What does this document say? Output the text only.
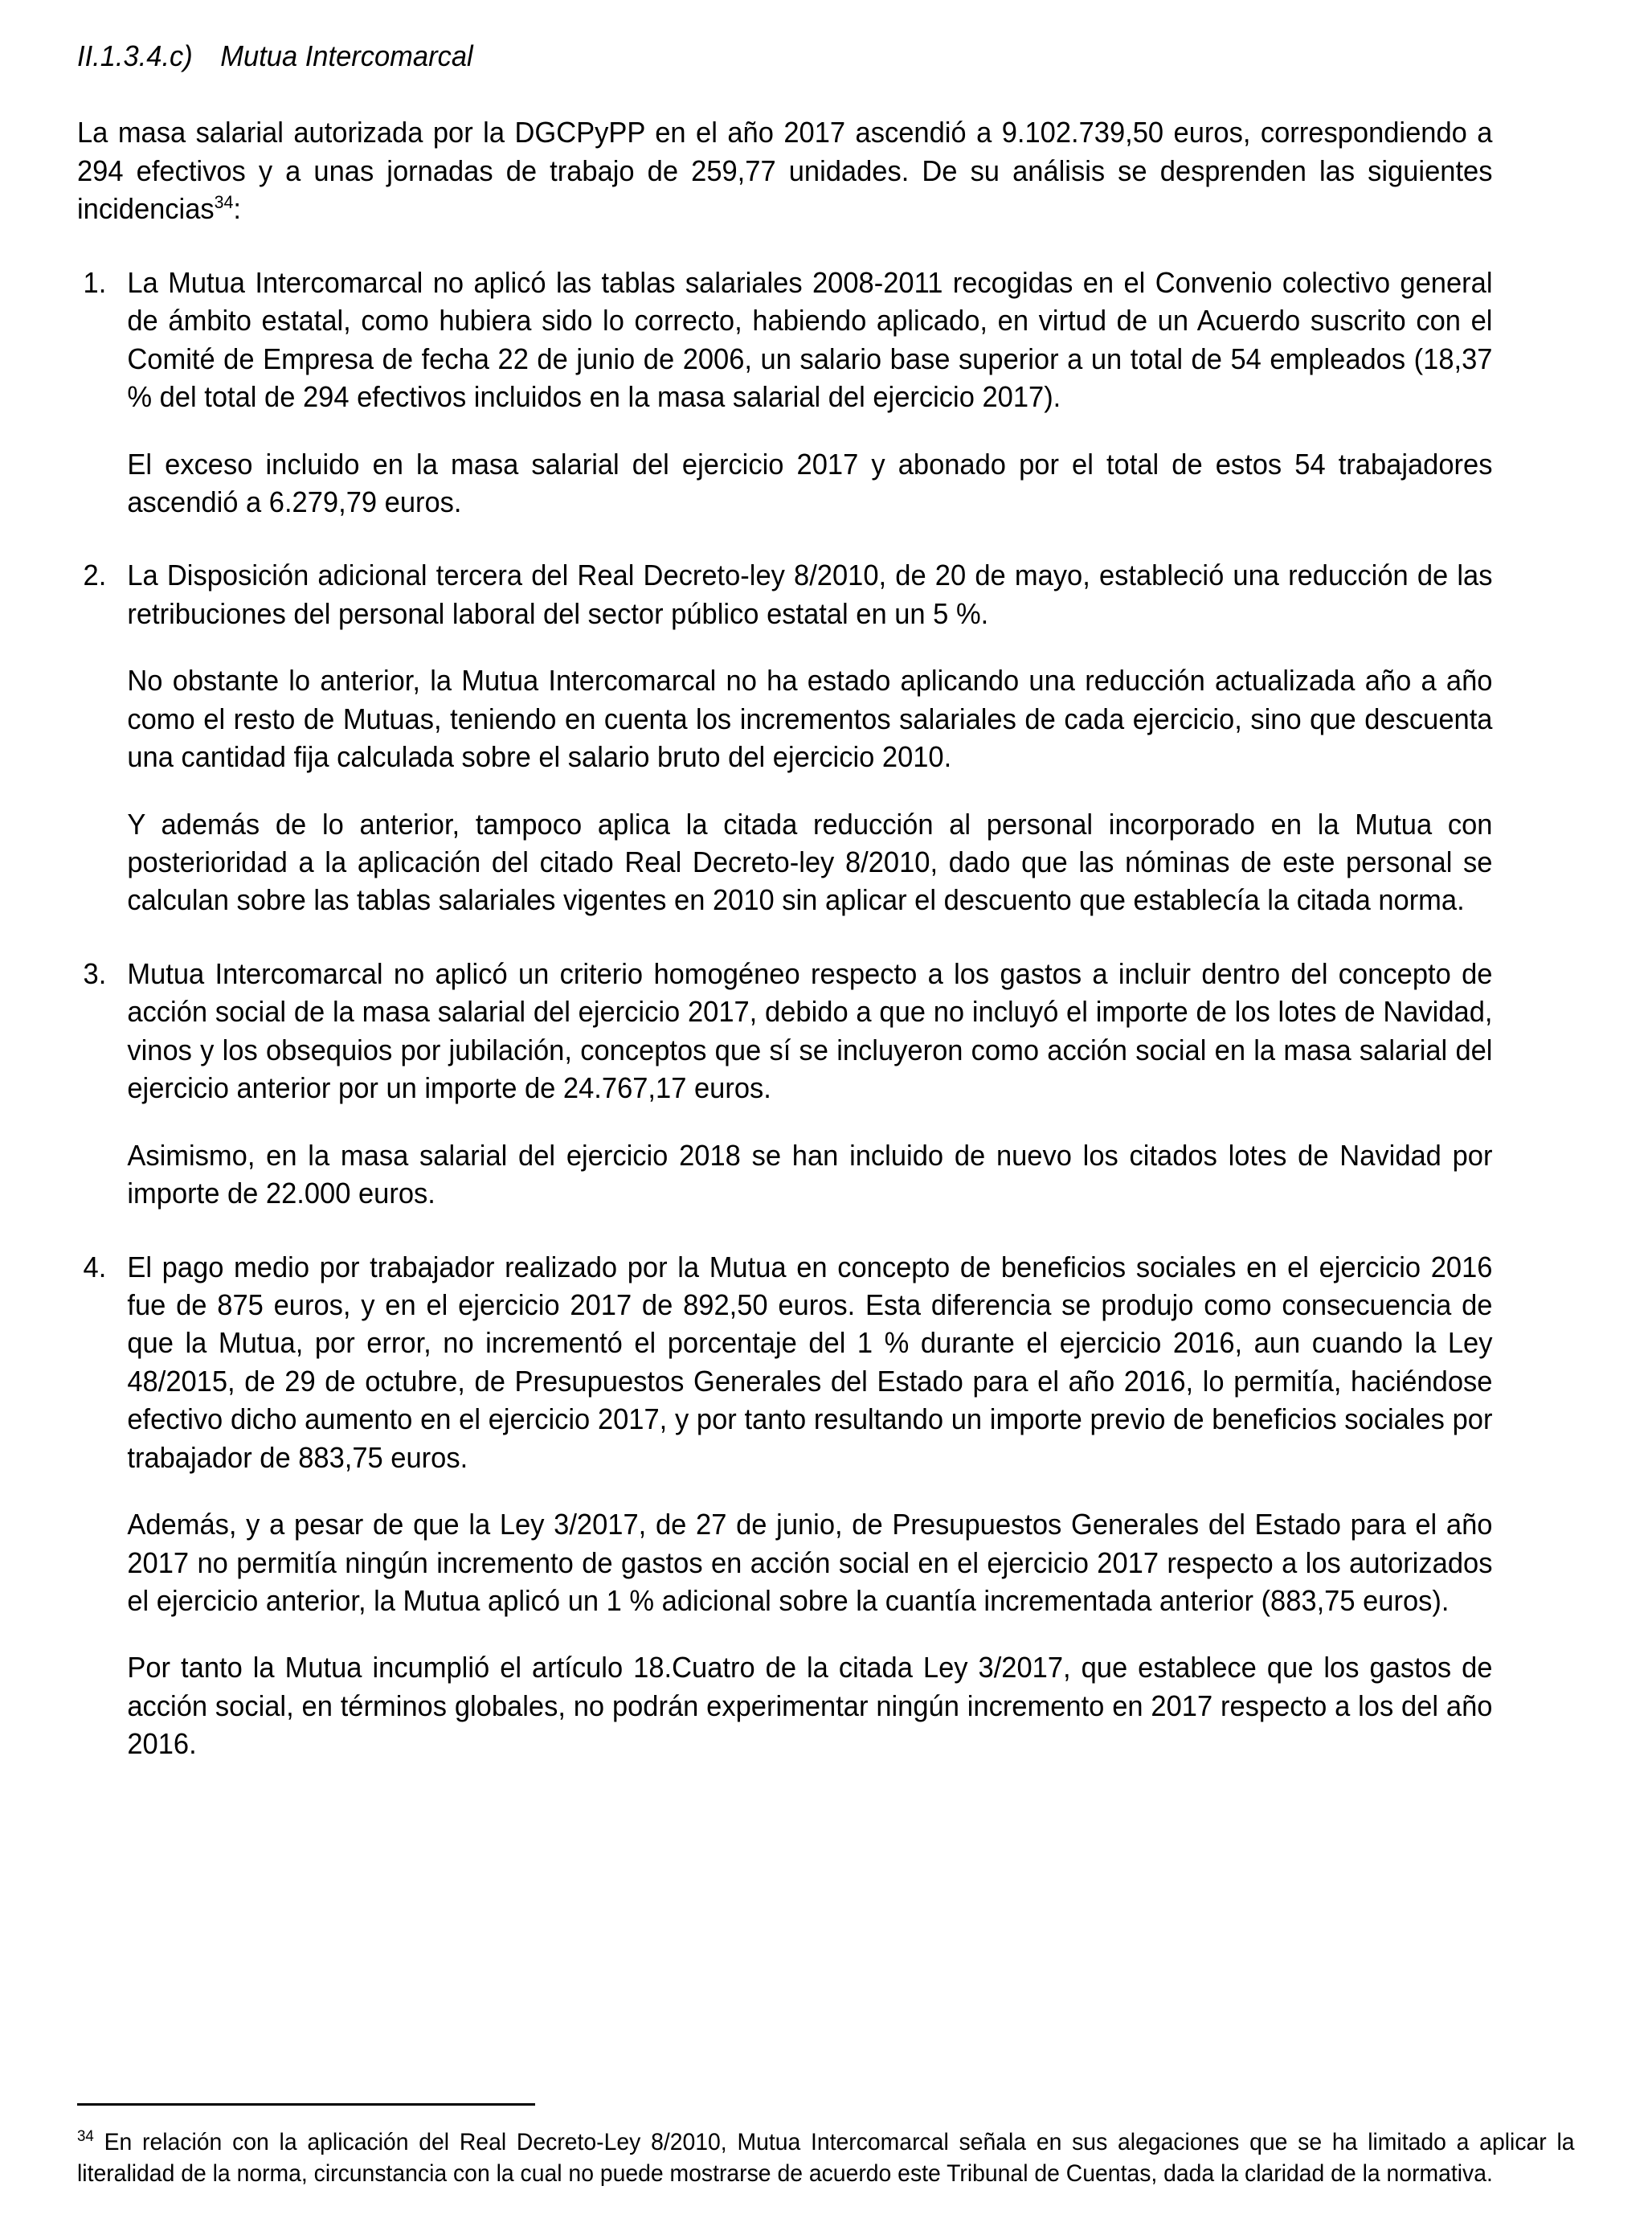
II.1.3.4.c) Mutua Intercomarcal

La masa salarial autorizada por la DGCPyPP en el año 2017 ascendió a 9.102.739,50 euros, correspondiendo a 294 efectivos y a unas jornadas de trabajo de 259,77 unidades. De su análisis se desprenden las siguientes incidencias$^{34}$:

1. La Mutua Intercomarcal no aplicó las tablas salariales 2008-2011 recogidas en el Convenio colectivo general de ámbito estatal, como hubiera sido lo correcto, habiendo aplicado, en virtud de un Acuerdo suscrito con el Comité de Empresa de fecha 22 de junio de 2006, un salario base superior a un total de 54 empleados (18,37 % del total de 294 efectivos incluidos en la masa salarial del ejercicio 2017).

El exceso incluido en la masa salarial del ejercicio 2017 y abonado por el total de estos 54 trabajadores ascendió a 6.279,79 euros.

2. La Disposición adicional tercera del Real Decreto-ley 8/2010, de 20 de mayo, estableció una reducción de las retribuciones del personal laboral del sector público estatal en un 5 %.

No obstante lo anterior, la Mutua Intercomarcal no ha estado aplicando una reducción actualizada año a año como el resto de Mutuas, teniendo en cuenta los incrementos salariales de cada ejercicio, sino que descuenta una cantidad fija calculada sobre el salario bruto del ejercicio 2010.

Y además de lo anterior, tampoco aplica la citada reducción al personal incorporado en la Mutua con posterioridad a la aplicación del citado Real Decreto-ley 8/2010, dado que las nóminas de este personal se calculan sobre las tablas salariales vigentes en 2010 sin aplicar el descuento que establecía la citada norma.

3. Mutua Intercomarcal no aplicó un criterio homogéneo respecto a los gastos a incluir dentro del concepto de acción social de la masa salarial del ejercicio 2017, debido a que no incluyó el importe de los lotes de Navidad, vinos y los obsequios por jubilación, conceptos que sí se incluyeron como acción social en la masa salarial del ejercicio anterior por un importe de 24.767,17 euros.

Asimismo, en la masa salarial del ejercicio 2018 se han incluido de nuevo los citados lotes de Navidad por importe de 22.000 euros.

4. El pago medio por trabajador realizado por la Mutua en concepto de beneficios sociales en el ejercicio 2016 fue de 875 euros, y en el ejercicio 2017 de 892,50 euros. Esta diferencia se produjo como consecuencia de que la Mutua, por error, no incrementó el porcentaje del 1 % durante el ejercicio 2016, aun cuando la Ley 48/2015, de 29 de octubre, de Presupuestos Generales del Estado para el año 2016, lo permitía, haciéndose efectivo dicho aumento en el ejercicio 2017, y por tanto resultando un importe previo de beneficios sociales por trabajador de 883,75 euros.

Además, y a pesar de que la Ley 3/2017, de 27 de junio, de Presupuestos Generales del Estado para el año 2017 no permitía ningún incremento de gastos en acción social en el ejercicio 2017 respecto a los autorizados el ejercicio anterior, la Mutua aplicó un 1 % adicional sobre la cuantía incrementada anterior (883,75 euros).

Por tanto la Mutua incumplió el artículo 18.Cuatro de la citada Ley 3/2017, que establece que los gastos de acción social, en términos globales, no podrán experimentar ningún incremento en 2017 respecto a los del año 2016.

$^{34}$ En relación con la aplicación del Real Decreto-Ley 8/2010, Mutua Intercomarcal señala en sus alegaciones que se ha limitado a aplicar la literalidad de la norma, circunstancia con la cual no puede mostrarse de acuerdo este Tribunal de Cuentas, dada la claridad de la normativa.
